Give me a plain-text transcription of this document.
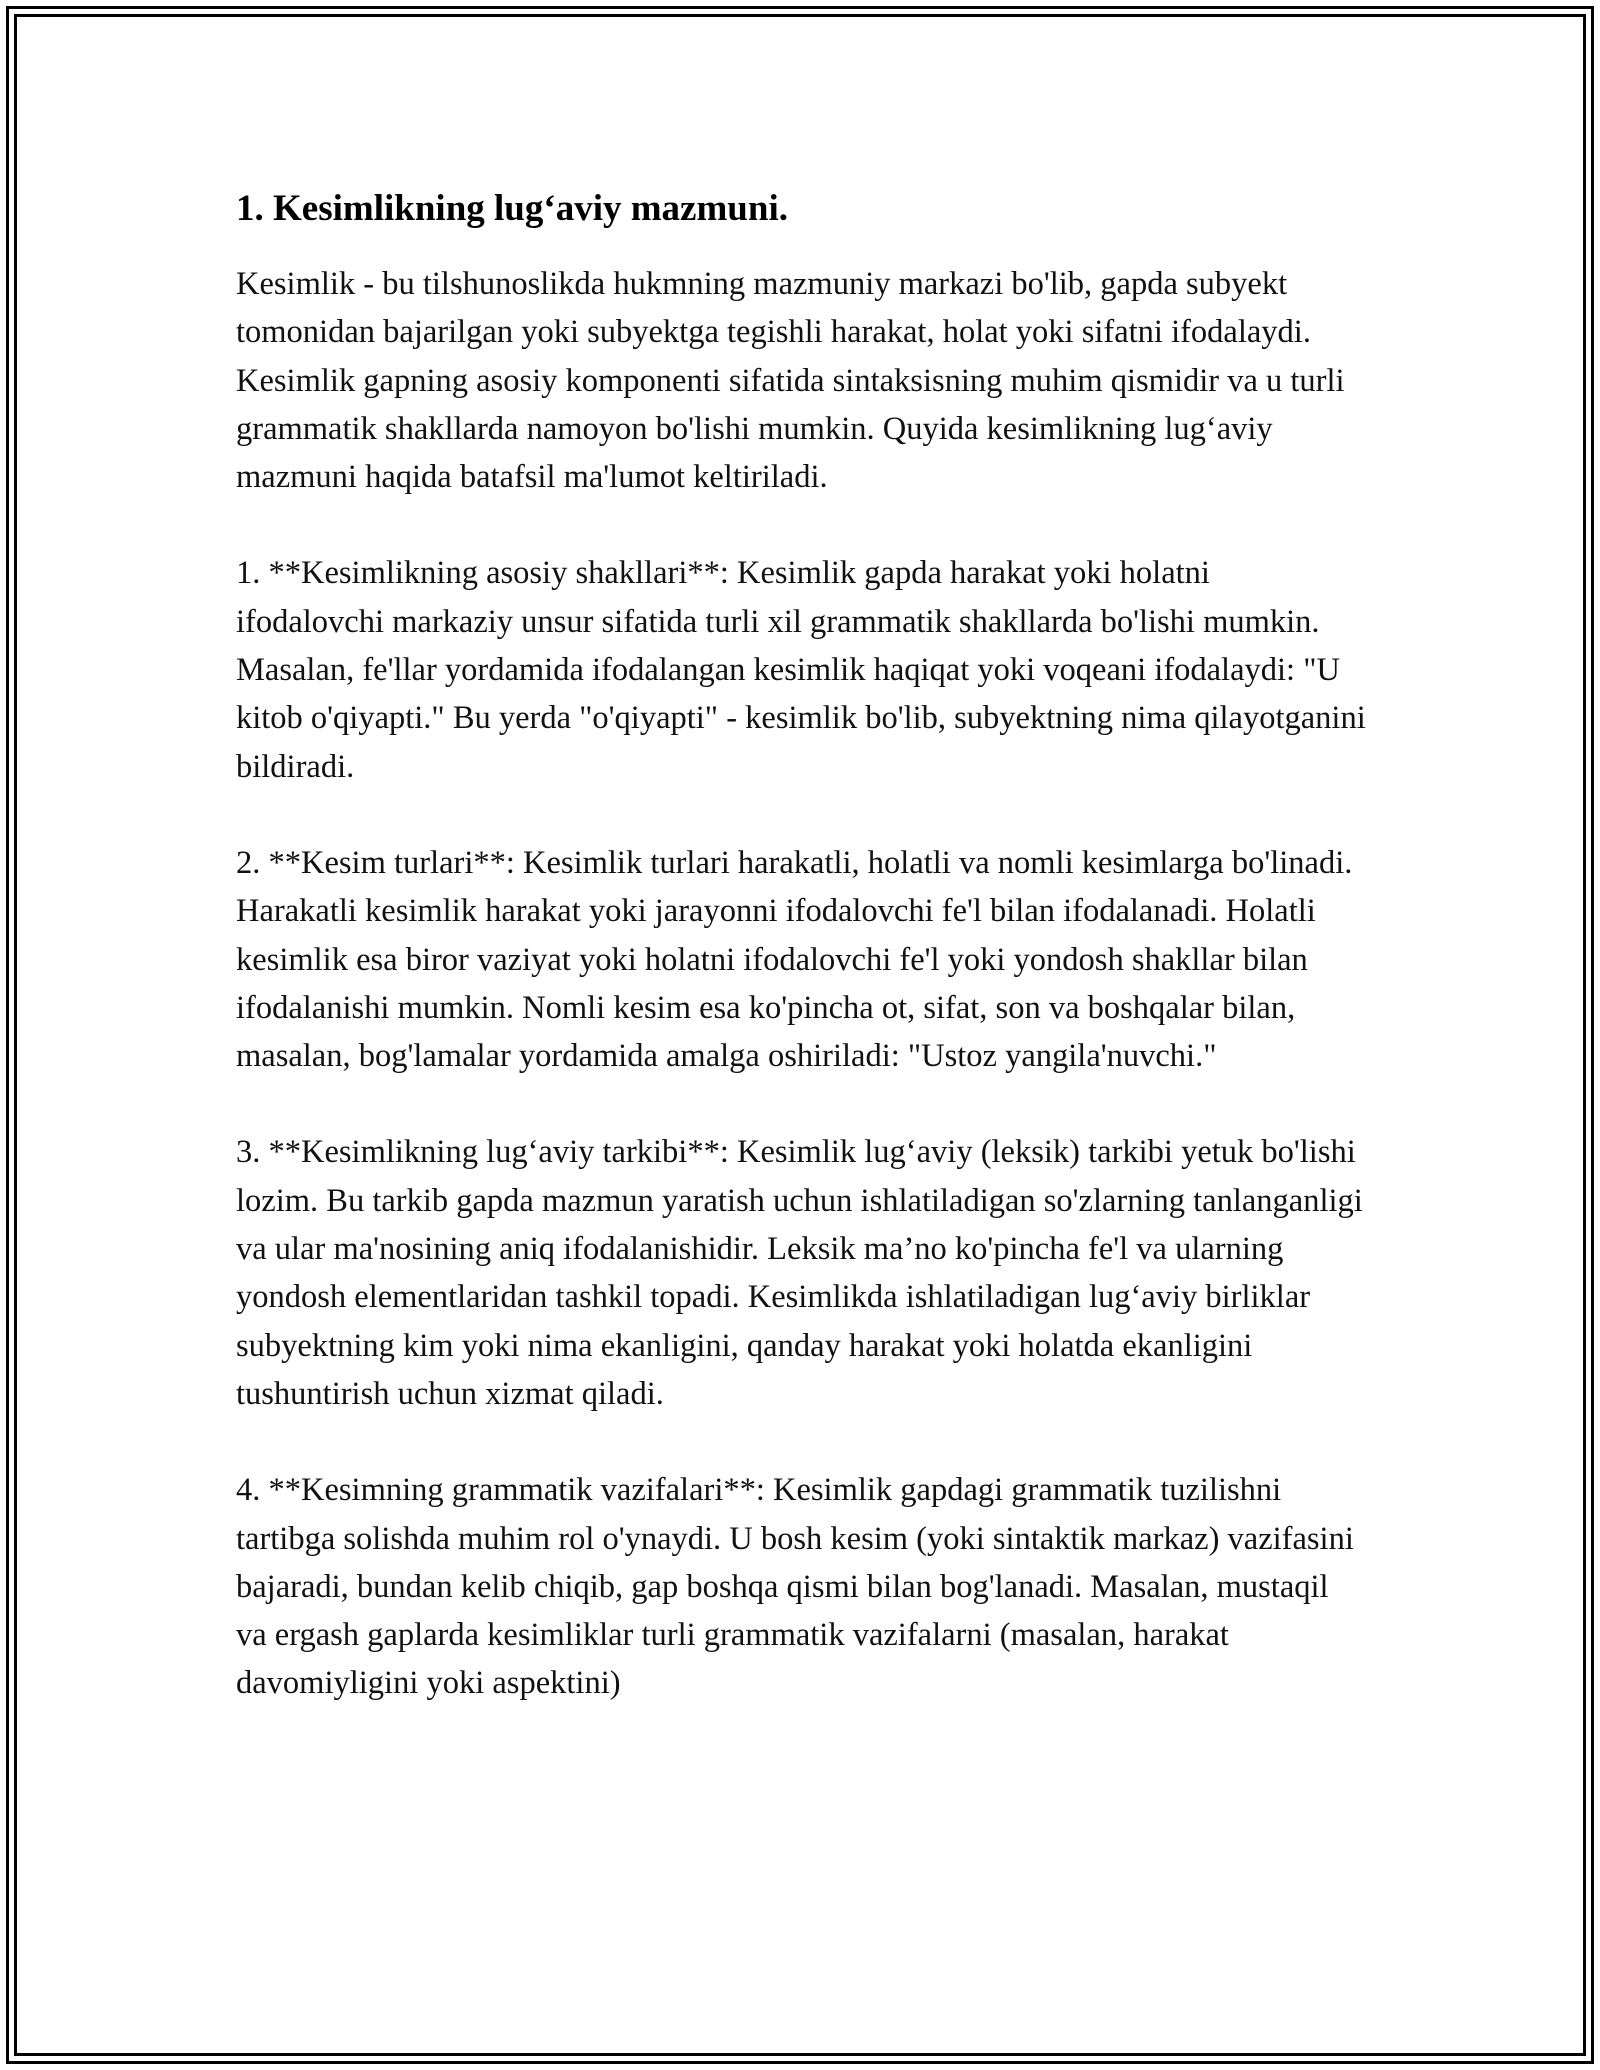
1. Kesimlikning lug‘aviy mazmuni.

Kesimlik - bu tilshunoslikda hukmning mazmuniy markazi bo'lib, gapda subyekt tomonidan bajarilgan yoki subyektga tegishli harakat, holat yoki sifatni ifodalaydi. Kesimlik gapning asosiy komponenti sifatida sintaksisning muhim qismidir va u turli grammatik shakllarda namoyon bo'lishi mumkin. Quyida kesimlikning lug‘aviy mazmuni haqida batafsil ma'lumot keltiriladi.

1. **Kesimlikning asosiy shakllari**: Kesimlik gapda harakat yoki holatni ifodalovchi markaziy unsur sifatida turli xil grammatik shakllarda bo'lishi mumkin. Masalan, fe'llar yordamida ifodalangan kesimlik haqiqat yoki voqeani ifodalaydi: "U kitob o'qiyapti." Bu yerda "o'qiyapti" - kesimlik bo'lib, subyektning nima qilayotganini bildiradi.

2. **Kesim turlari**: Kesimlik turlari harakatli, holatli va nomli kesimlarga bo'linadi. Harakatli kesimlik harakat yoki jarayonni ifodalovchi fe'l bilan ifodalanadi. Holatli kesimlik esa biror vaziyat yoki holatni ifodalovchi fe'l yoki yondosh shakllar bilan ifodalanishi mumkin. Nomli kesim esa ko'pincha ot, sifat, son va boshqalar bilan, masalan, bog'lamalar yordamida amalga oshiriladi: "Ustoz yangila'nuvchi."

3. **Kesimlikning lug‘aviy tarkibi**: Kesimlik lug‘aviy (leksik) tarkibi yetuk bo'lishi lozim. Bu tarkib gapda mazmun yaratish uchun ishlatiladigan so'zlarning tanlanganligi va ular ma'nosining aniq ifodalanishidir. Leksik ma’no ko'pincha fe'l va ularning yondosh elementlaridan tashkil topadi. Kesimlikda ishlatiladigan lug‘aviy birliklar subyektning kim yoki nima ekanligini, qanday harakat yoki holatda ekanligini tushuntirish uchun xizmat qiladi.

4. **Kesimning grammatik vazifalari**: Kesimlik gapdagi grammatik tuzilishni tartibga solishda muhim rol o'ynaydi. U bosh kesim (yoki sintaktik markaz) vazifasini bajaradi, bundan kelib chiqib, gap boshqa qismi bilan bog'lanadi. Masalan, mustaqil va ergash gaplarda kesimliklar turli grammatik vazifalarni (masalan, harakat davomiyligini yoki aspektini)
